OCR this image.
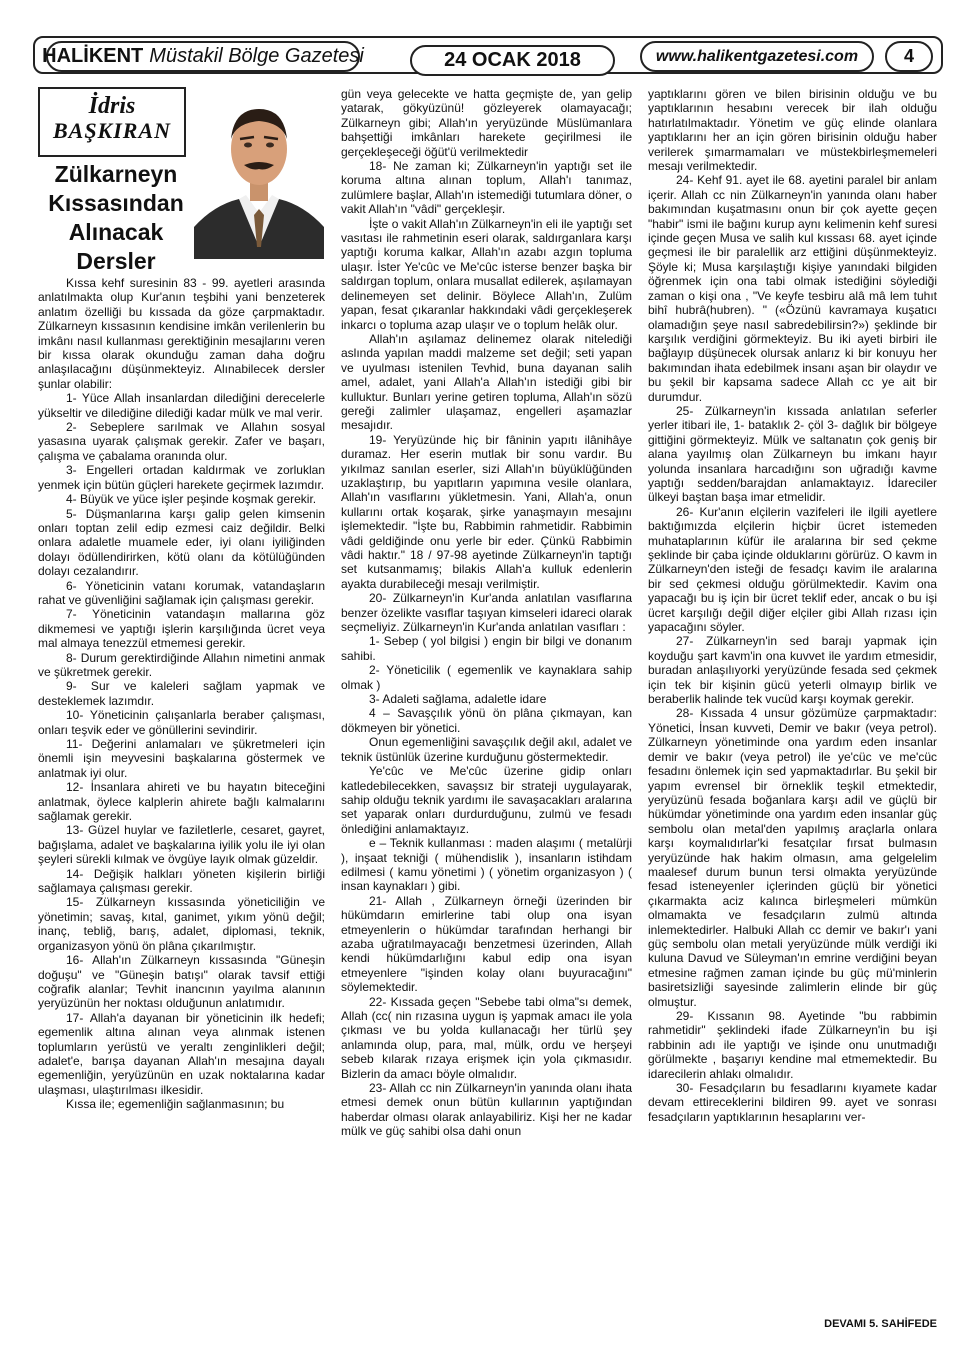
HALİKENT Müstakil Bölge Gazetesi	24 OCAK 2018	www.halikentgazetesi.com	4
İdris
BAŞKIRAN
Zülkarneyn Kıssasından Alınacak Dersler

Kıssa kehf suresinin 83 - 99. ayetleri arasında anlatılmakta olup Kur'anın teşbihi yani benzeterek anlatım özelliği bu kıssada da göze çarpmaktadır. Zülkarneyn kıssasının kendisine imkân verilenlerin bu imkânı nasıl kullanması gerektiğinin mesajlarını veren bir kıssa olarak okunduğu zaman daha doğru anlaşılacağını düşünmekteyiz. Alınabilecek dersler şunlar olabilir:

1- Yüce Allah insanlardan dilediğini derecelerle yükseltir ve dilediğine dilediği kadar mülk ve mal verir.

2- Sebeplere sarılmak ve Allahın sosyal yasasına uyarak çalışmak gerekir. Zafer ve başarı, çalışma ve çabalama oranında olur.

3- Engelleri ortadan kaldırmak ve zorluklan yenmek için bütün güçleri harekete geçirmek lazımdır.

4- Büyük ve yüce işler peşinde koşmak gerekir.

5- Düşmanlarına karşı galip gelen kimsenin onları toptan zelil edip ezmesi caiz değildir. Belki onlara adaletle muamele eder, iyi olanı iyiliğinden dolayı ödüllendirirken, kötü olanı da kötülüğünden dolayı cezalandırır.

6- Yöneticinin vatanı korumak, vatandaşların rahat ve güvenliğini sağlamak için çalışması gerekir.

7- Yöneticinin vatandaşın mallarına göz dikmemesi ve yaptığı işlerin karşılığında ücret veya mal almaya tenezzül etmemesi gerekir.

8- Durum gerektirdiğinde Allahın nimetini anmak ve şükretmek gerekir.

9- Sur ve kaleleri sağlam yapmak ve desteklemek lazımdır.

10- Yöneticinin çalışanlarla beraber çalışması, onları teşvik eder ve gönüllerini sevindirir.

11- Değerini anlamaları ve şükretmeleri için önemli işin meyvesini başkalarına göstermek ve anlatmak iyi olur.

12- İnsanlara ahireti ve bu hayatın biteceğini anlatmak, öylece kalplerin ahirete bağlı kalmalarını sağlamak gerekir.

13- Güzel huylar ve faziletlerle, cesaret, gayret, bağışlama, adalet ve başkalarına iyilik yolu ile iyi olan şeyleri sürekli kılmak ve övgüye layık olmak güzeldir.

14- Değişik halkları yöneten kişilerin birliği sağlamaya çalışması gerekir.

15- Zülkarneyn kıssasında yöneticiliğin ve yönetimin; savaş, kıtal, ganimet, yıkım yönü değil; inanç, tebliğ, barış, adalet, diplomasi, teknik, organizasyon yönü ön plâna çıkarılmıştır.

16- Allah'ın Zülkarneyn kıssasında "Güneşin doğuşu" ve "Güneşin batışı" olarak tavsif ettiği coğrafik alanlar; Tevhit inancının yayılma alanının yeryüzünün her noktası olduğunun anlatımıdır.

17- Allah'a dayanan bir yöneticinin ilk hedefi; egemenlik altına alınan veya alınmak istenen toplumların yerüstü ve yeraltı zenginlikleri değil; adalet'e, barışa dayanan Allah'ın mesajına dayalı egemenliğin, yeryüzünün en uzak noktalarına kadar ulaşması, ulaştırılması ilkesidir.

Kıssa ile; egemenliğin sağlanmasının; bu

gün veya gelecekte ve hatta geçmişte de, yan gelip yatarak, gökyüzünü! gözleyerek olamayacağı; Zülkarneyn gibi; Allah'ın yeryüzünde Müslümanlara bahşettiği imkânları harekete geçirilmesi ile gerçekleşeceği öğüt'ü verilmektedir

18- Ne zaman ki; Zülkarneyn'in yaptığı set ile koruma altına alınan toplum, Allah'ı tanımaz, zulümlere başlar, Allah'ın istemediği tutumlara döner, o vakit Allah'ın "vâdi" gerçekleşir.

İşte o vakit Allah'ın Zülkarneyn'in eli ile yaptığı set vasıtası ile rahmetinin eseri olarak, saldırganlara karşı yaptığı koruma kalkar, Allah'ın azabı azgın topluma ulaşır. İster Ye'cûc ve Me'cûc isterse benzer başka bir saldırgan toplum, onlara musallat edilerek, aşılamayan delinemeyen set delinir. Böylece Allah'ın, Zulüm yapan, fesat çıkaranlar hakkındaki vâdi gerçekleşerek inkarcı o topluma azap ulaşır ve o toplum helâk olur.

Allah'ın aşılamaz delinemez olarak nitelediği aslında yapılan maddi malzeme set değil; seti yapan ve uyulması istenilen Tevhid, buna dayanan salih amel, adalet, yani Allah'a Allah'ın istediği gibi bir kulluktur. Bunları yerine getiren topluma, Allah'ın sözü gereği zalimler ulaşamaz, engelleri aşamazlar mesajıdır.

19- Yeryüzünde hiç bir fâninin yapıtı ilânihâye duramaz. Her eserin mutlak bir sonu vardır. Bu yıkılmaz sanılan eserler, sizi Allah'ın büyüklüğünden uzaklaştırıp, bu yapıtların yapımına vesile olanlara, Allah'ın vasıflarını yükletmesin. Yani, Allah'a, onun kullarını ortak koşarak, şirke yanaşmayın mesajını işlemektedir. "İşte bu, Rabbimin rahmetidir. Rabbimin vâdi geldiğinde onu yerle bir eder. Çünkü Rabbimin vâdi haktır." 18 / 97-98 ayetinde Zülkarneyn'in taptığı set kutsanmamış; bilakis Allah'a kulluk edenlerin ayakta durabileceği mesajı verilmiştir.

20- Zülkarneyn'in Kur'anda anlatılan vasıflarına benzer özelikte vasıflar taşıyan kimseleri idareci olarak seçmeliyiz. Zülkarneyn'in Kur'anda anlatılan vasıfları :

1- Sebep ( yol bilgisi ) engin bir bilgi ve donanım sahibi.

2- Yöneticilik ( egemenlik ve kaynaklara sahip olmak )

3- Adaleti sağlama, adaletle idare

4 – Savaşçılık yönü ön plâna çıkmayan, kan dökmeyen bir yönetici.

Onun egemenliğini savaşçılık değil akıl, adalet ve teknik üstünlük üzerine kurduğunu göstermektedir.

Ye'cûc ve Me'cûc üzerine gidip onları katledebilecekken, savaşsız bir strateji uygulayarak, sahip olduğu teknik yardımı ile savaşacakları aralarına set yaparak onları durdurduğunu, zulmü ve fesadı önlediğini anlamaktayız.

e – Teknik kullanması : maden alaşımı ( metalürji ), inşaat tekniği ( mühendislik ), insanların istihdam edilmesi ( kamu yönetimi ) ( yönetim organizasyon ) ( insan kaynakları ) gibi.

21- Allah , Zülkarneyn örneği üzerinden bir hükümdarın emirlerine tabi olup ona isyan etmeyenlerin o hükümdar tarafından herhangi bir azaba uğratılmayacağı benzetmesi üzerinden, Allah kendi hükümdarlığını kabul edip ona isyan etmeyenlere "işinden kolay olanı buyuracağını" söylemektedir.

22- Kıssada geçen "Sebebe tabi olma"sı demek, Allah (cc( nin rızasına uygun iş yapmak amacı ile yola çıkması ve bu yolda kullanacağı her türlü şey anlamında olup, para, mal, mülk, ordu ve herşeyi sebeb kılarak rızaya erişmek için yola çıkmasıdır. Bizlerin da amacı böyle olmalıdır.

23- Allah cc nin Zülkarneyn'in yanında olanı ihata etmesi demek onun bütün kullarının yaptığından haberdar olması olarak anlayabiliriz. Kişi her ne kadar mülk ve güç sahibi olsa dahi onun

yaptıklarını gören ve bilen birisinin olduğu ve bu yaptıklarının hesabını verecek bir ilah olduğu hatırlatılmaktadır. Yönetim ve güç elinde olanlara yaptıklarını her an için gören birisinin olduğu haber verilerek şımarmamaları ve müstekbirleşmemeleri mesajı verilmektedir.

24- Kehf 91. ayet ile 68. ayetini paralel bir anlam içerir. Allah cc nin Zülkarneyn'in yanında olanı haber bakımından kuşatmasını onun bir çok ayette geçen "habir" ismi ile bağını kurup aynı kelimenin kehf suresi içinde geçen Musa ve salih kul kıssası 68. ayet içinde geçmesi ile bir paralellik arz ettiğini düşünmekteyiz. Şöyle ki; Musa karşılaştığı kişiye yanındaki bilgiden öğrenmek için ona tabi olmak istediğini söylediği zaman o kişi ona , "Ve keyfe tesbiru alâ mâ lem tuhıt bihî hubrâ(hubren). " («Özünü kavramaya kuşatıcı olamadığın şeye nasıl sabredebilirsin?») şeklinde bir karşılık verdiğini görmekteyiz. Bu iki ayeti birbiri ile bağlayıp düşünecek olursak anlarız ki bir konuyu her bakımından ihata edebilmek insanı aşan bir olaydır ve bu şekil bir kapsama sadece Allah cc ye ait bir durumdur.

25- Zülkarneyn'in kıssada anlatılan seferler yerler itibari ile, 1- bataklık 2- çöl 3- dağlık bir bölgeye gittiğini görmekteyiz. Mülk ve saltanatın çok geniş bir alana yayılmış olan Zülkarneyn bu imkanı hayır yolunda insanlara harcadığını son uğradığı kavme yaptığı sedden/barajdan anlamaktayız. İdareciler ülkeyi baştan başa imar etmelidir.

26- Kur'anın elçilerin vazifeleri ile ilgili ayetlere baktığımızda elçilerin hiçbir ücret istemeden muhataplarının küfür ile aralarına bir sed çekme şeklinde bir çaba içinde olduklarını görürüz. O kavm in Zülkarneyn'den isteği de fesadçı kavim ile aralarına bir sed çekmesi olduğu görülmektedir. Kavim ona yapacağı bu iş için bir ücret teklif eder, ancak o bu işi ücret karşılığı değil diğer elçiler gibi Allah rızası için yapacağını söyler.

27- Zülkarneyn'in sed barajı yapmak için koyduğu şart kavm'in ona kuvvet ile yardım etmesidir, buradan anlaşılıyorki yeryüzünde fesada sed çekmek için tek bir kişinin gücü yeterli olmayıp birlik ve beraberlik halinde tek vucüd karşı koymak gerekir.

28- Kıssada 4 unsur gözümüze çarpmaktadır: Yönetici, İnsan kuvveti, Demir ve bakır (veya petrol). Zülkarneyn yönetiminde ona yardım eden insanlar demir ve bakır (veya petrol) ile ye'cüc ve me'cüc fesadını önlemek için sed yapmaktadırlar. Bu şekil bir yapım evrensel bir örneklik teşkil etmektedir, yeryüzünü fesada boğanlara karşı adil ve güçlü bir hükümdar yönetiminde ona yardım eden insanlar güç sembolu olan metal'den yapılmış araçlarla onlara karşı koymalıdırlar'ki fesatçılar fırsat bulmasın yeryüzünde hak hakim olmasın, ama gelgelelim maalesef durum bunun tersi olmakta yeryüzünde fesad isteneyenler içlerinden güçlü bir yönetici çıkarmakta aciz kalınca birleşmeleri mümkün olmamakta ve fesadçıların zulmü altında inlemektedirler. Halbuki Allah cc demir ve bakır'ı yani güç sembolu olan metali yeryüzünde mülk verdiği iki kuluna Davud ve Süleyman'ın emrine verdiğini beyan etmesine rağmen zaman içinde bu güç mü'minlerin basiretsizliği sayesinde zalimlerin elinde bir güç olmuştur.

29- Kıssanın 98. Ayetinde "bu rabbimin rahmetidir" şeklindeki ifade Zülkarneyn'in bu işi rabbinin adı ile yaptığı ve işinde onu unutmadığı görülmekte , başarıyı kendine mal etmemektedir. Bu idarecilerin ahlakı olmalıdır.

30- Fesadçıların bu fesadlarını kıyamete kadar devam ettireceklerini bildiren 99. ayet ve sonrası fesadçıların yaptıklarının hesaplarını ver-

DEVAMI 5. SAHİFEDE
